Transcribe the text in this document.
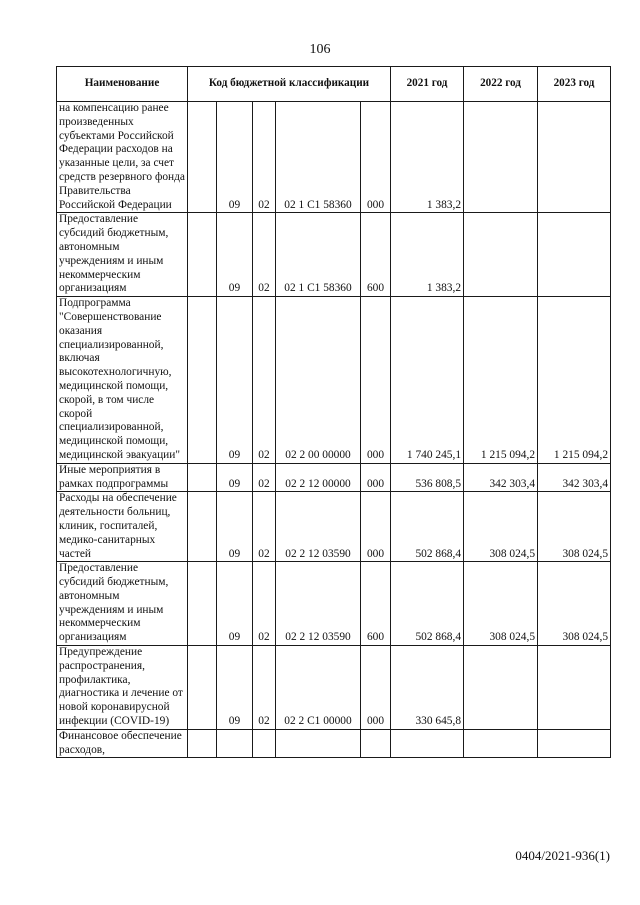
106
Наименование	Код бюджетной классификации					2021 год	2022 год	2023 год
на компенсацию ранее произведенных субъектами Российской Федерации расходов на указанные цели, за счет средств резервного фонда Правительства Российской Федерации		09	02	02 1 С1 58360	000	1 383,2		
Предоставление субсидий бюджетным, автономным учреждениям и иным некоммерческим организациям		09	02	02 1 С1 58360	600	1 383,2		
Подпрограмма "Совершенствование оказания специализированной, включая высокотехнологичную, медицинской помощи, скорой, в том числе скорой специализированной, медицинской помощи, медицинской эвакуации"		09	02	02 2 00 00000	000	1 740 245,1	1 215 094,2	1 215 094,2
Иные мероприятия в рамках подпрограммы		09	02	02 2 12 00000	000	536 808,5	342 303,4	342 303,4
Расходы на обеспечение деятельности больниц, клиник, госпиталей, медико-санитарных частей		09	02	02 2 12 03590	000	502 868,4	308 024,5	308 024,5
Предоставление субсидий бюджетным, автономным учреждениям и иным некоммерческим организациям		09	02	02 2 12 03590	600	502 868,4	308 024,5	308 024,5
Предупреждение распространения, профилактика, диагностика и лечение от новой коронавирусной инфекции (COVID-19)		09	02	02 2 С1 00000	000	330 645,8		
Финансовое обеспечение расходов,								
0404/2021-936(1)
